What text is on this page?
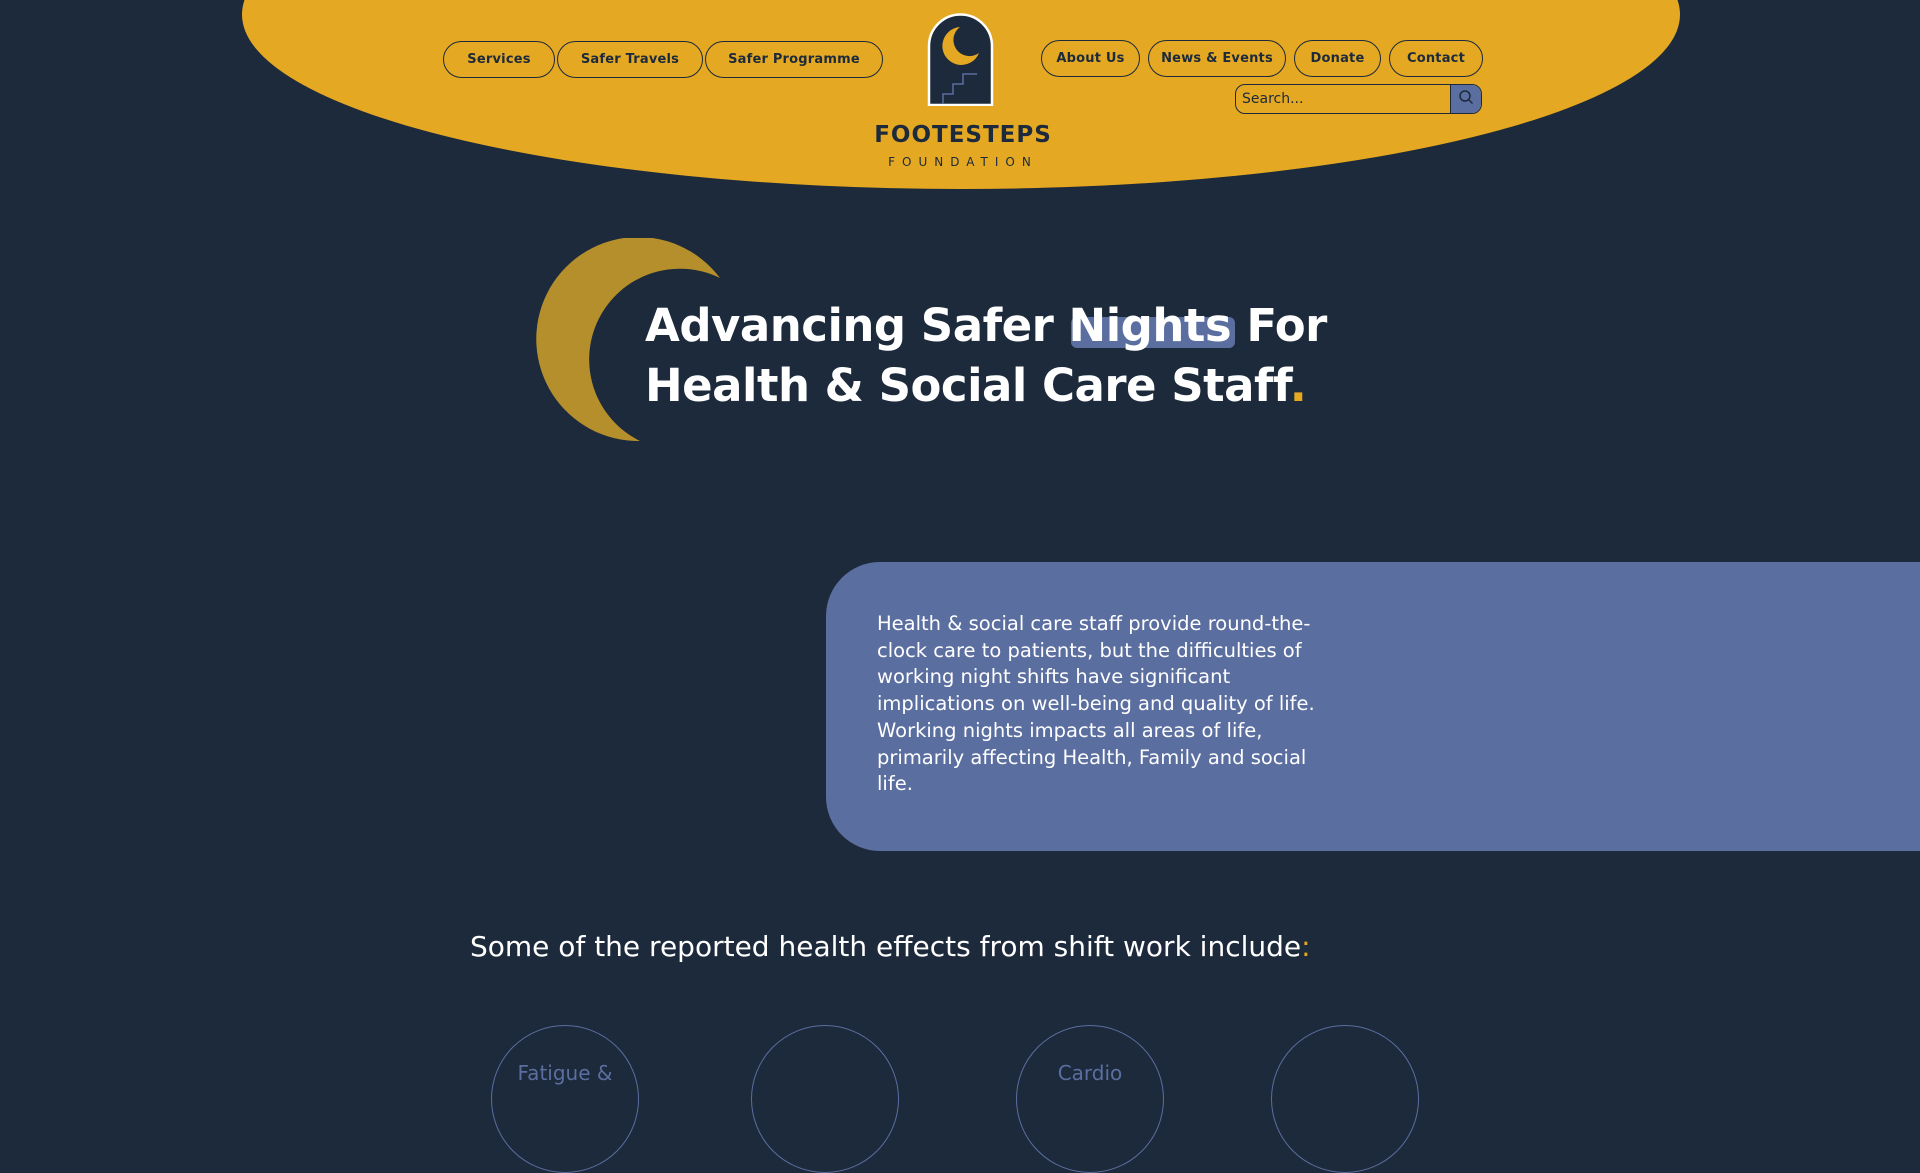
Services	Safer Travels	Safer Programme
FOOTESTEPS
FOUNDATION
About Us	News & Events	Donate	Contact
Search...
Advancing Safer Nights For Health & Social Care Staff.

Health & social care staff provide round-the-clock care to patients, but the difficulties of working night shifts have significant implications on well-being and quality of life. Working nights impacts all areas of life, primarily affecting Health, Family and social life.

Some of the reported health effects from shift work include:
Fatigue &	Cardio
